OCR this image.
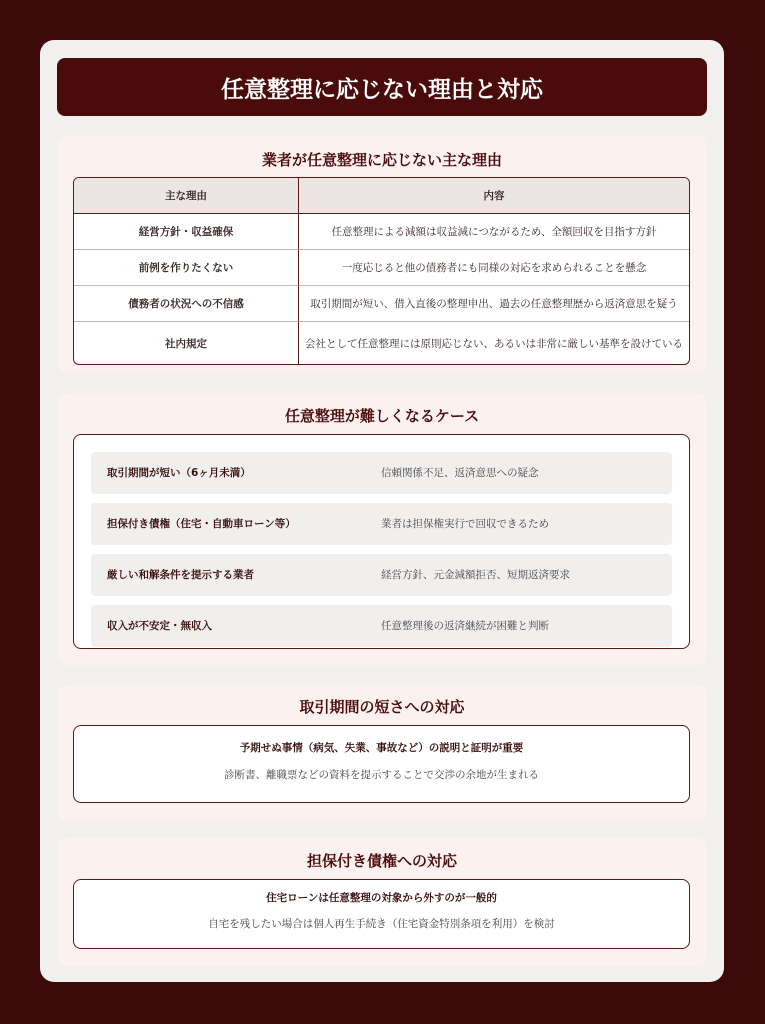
任意整理に応じない理由と対応
業者が任意整理に応じない主な理由
主な理由	内容
経営方針・収益確保	任意整理による減額は収益減につながるため、全額回収を目指す方針
前例を作りたくない	一度応じると他の債務者にも同様の対応を求められることを懸念
債務者の状況への不信感	取引期間が短い、借入直後の整理申出、過去の任意整理歴から返済意思を疑う
社内規定	会社として任意整理には原則応じない、あるいは非常に厳しい基準を設けている
任意整理が難しくなるケース
取引期間が短い（6ヶ月未満）	信頼関係不足、返済意思への疑念
担保付き債権（住宅・自動車ローン等）	業者は担保権実行で回収できるため
厳しい和解条件を提示する業者	経営方針、元金減額拒否、短期返済要求
収入が不安定・無収入	任意整理後の返済継続が困難と判断
取引期間の短さへの対応
予期せぬ事情（病気、失業、事故など）の説明と証明が重要
診断書、離職票などの資料を提示することで交渉の余地が生まれる
担保付き債権への対応
住宅ローンは任意整理の対象から外すのが一般的
自宅を残したい場合は個人再生手続き（住宅資金特別条項を利用）を検討
